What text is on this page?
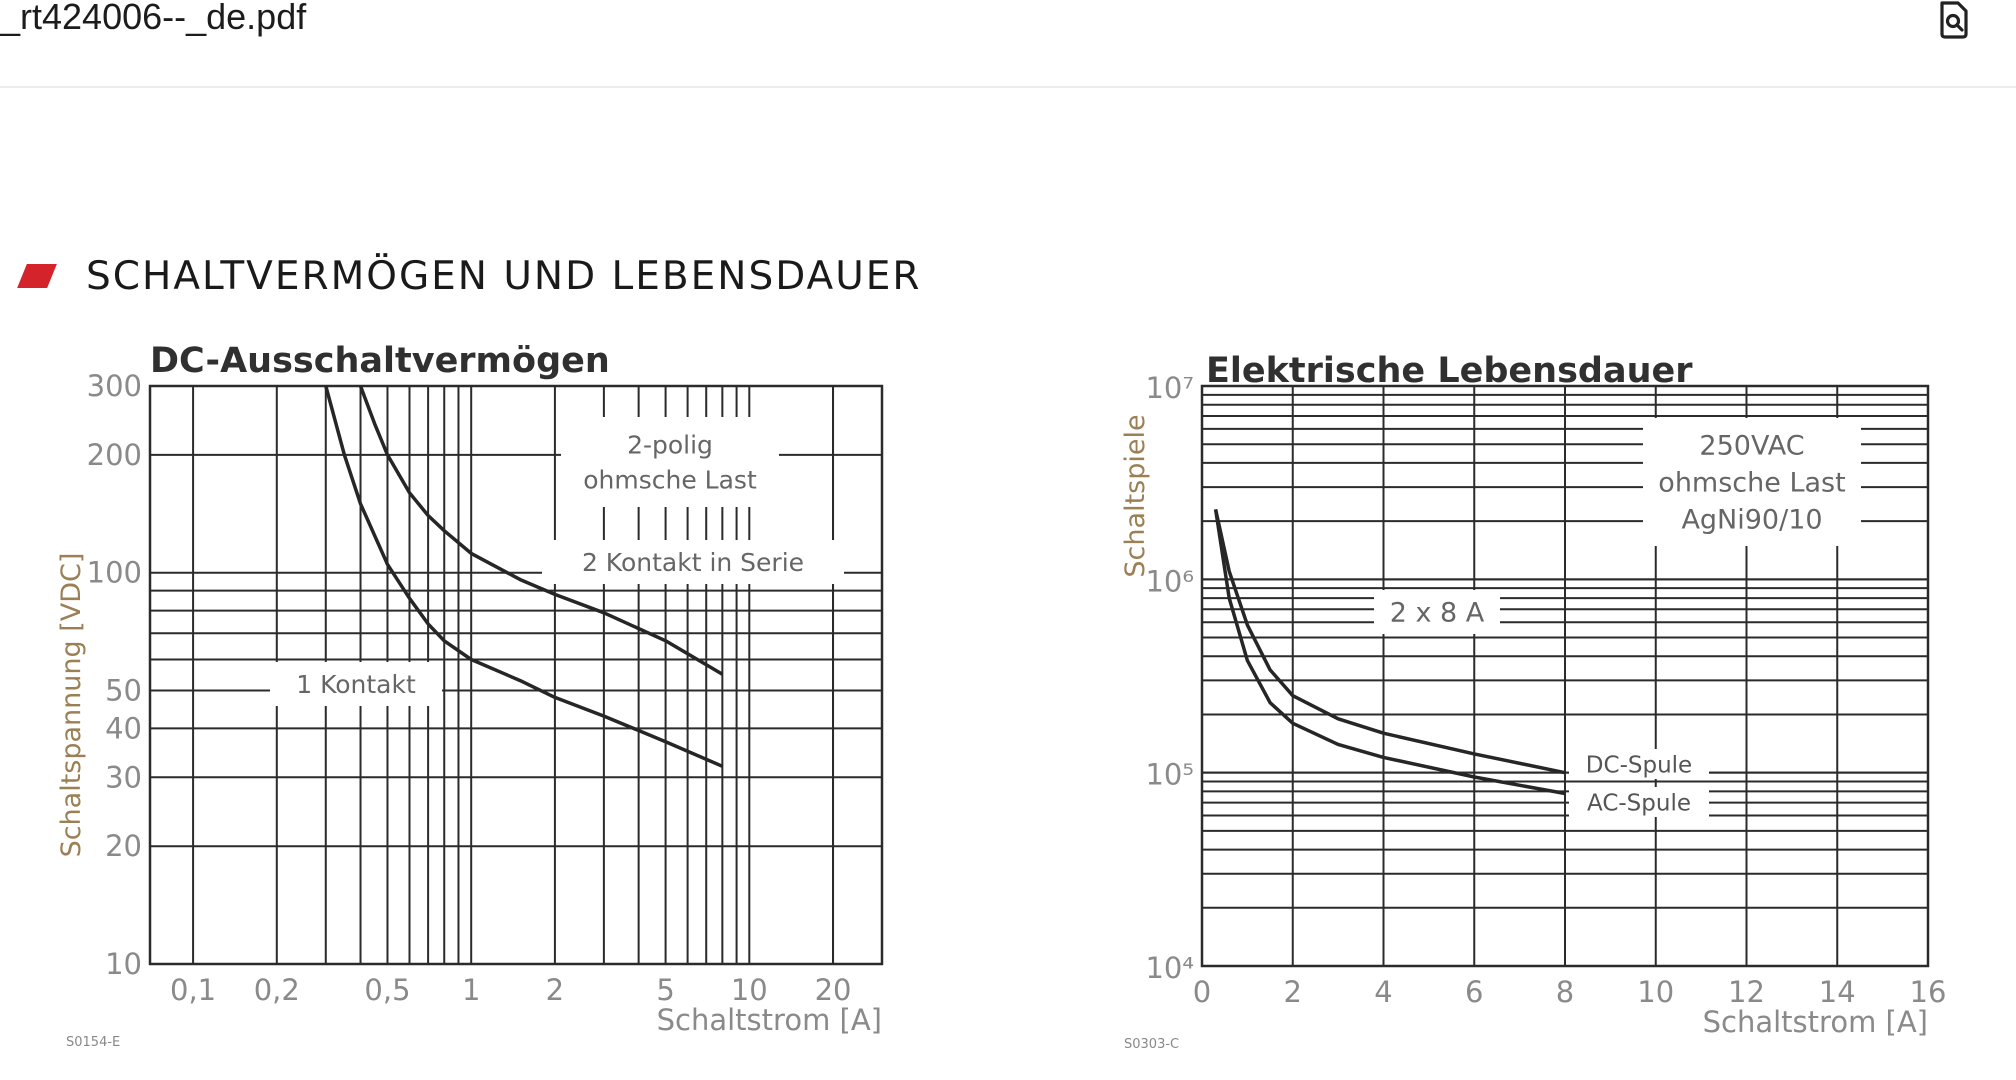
_rt424006--_de.pdf
SCHALTVERMÖGEN UND LEBENSDAUER
0,1 0,2 0,5 1 2	5 10 20
10
20
30
40
50
100
200
300
DC-Ausschaltvermögen
Schaltstrom [A]
Schaltspannung [VDC]
S0154-E
2-polig
ohmsche Last
2 Kontakt in Serie
1 Kontakt
0 2 4 6 8 10 12 14 16
10⁴
10⁵
10⁶
10⁷ Elektrische Lebensdauer
Schaltstrom [A]
Schaltspiele
S0303-C
250VAC
ohmsche Last
AgNi90/10
2 x 8 A
DC-Spule
AC-Spule
